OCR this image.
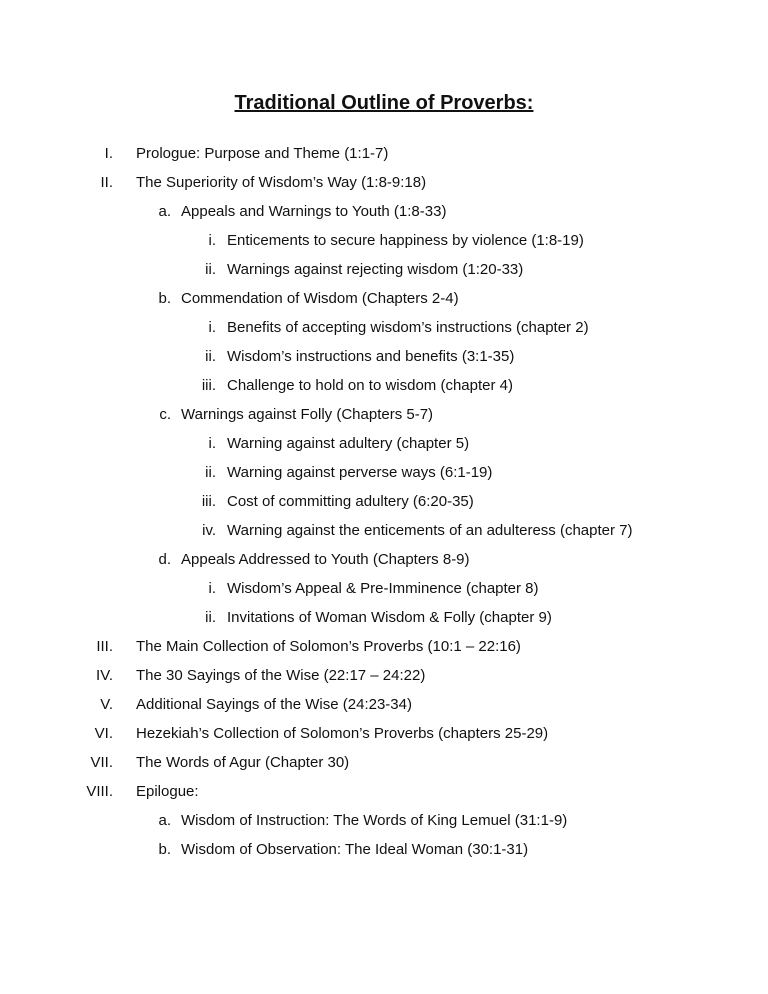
Traditional Outline of Proverbs:
I. Prologue: Purpose and Theme (1:1-7)
II. The Superiority of Wisdom’s Way (1:8-9:18)
a. Appeals and Warnings to Youth (1:8-33)
i. Enticements to secure happiness by violence (1:8-19)
ii. Warnings against rejecting wisdom (1:20-33)
b. Commendation of Wisdom (Chapters 2-4)
i. Benefits of accepting wisdom’s instructions (chapter 2)
ii. Wisdom’s instructions and benefits (3:1-35)
iii. Challenge to hold on to wisdom (chapter 4)
c. Warnings against Folly (Chapters 5-7)
i. Warning against adultery (chapter 5)
ii. Warning against perverse ways (6:1-19)
iii. Cost of committing adultery (6:20-35)
iv. Warning against the enticements of an adulteress (chapter 7)
d. Appeals Addressed to Youth (Chapters 8-9)
i. Wisdom’s Appeal & Pre-Imminence (chapter 8)
ii. Invitations of Woman Wisdom & Folly (chapter 9)
III. The Main Collection of Solomon’s Proverbs (10:1 – 22:16)
IV. The 30 Sayings of the Wise (22:17 – 24:22)
V. Additional Sayings of the Wise (24:23-34)
VI. Hezekiah’s Collection of Solomon’s Proverbs (chapters 25-29)
VII. The Words of Agur (Chapter 30)
VIII. Epilogue:
a. Wisdom of Instruction: The Words of King Lemuel (31:1-9)
b. Wisdom of Observation: The Ideal Woman (30:1-31)
